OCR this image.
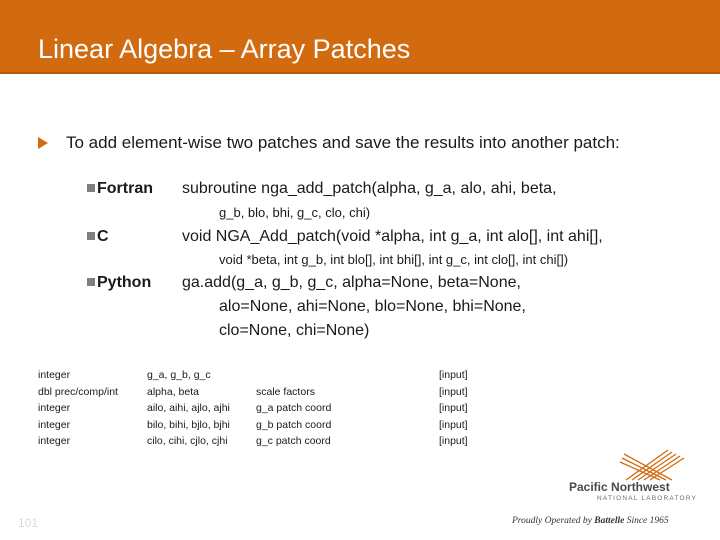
Linear Algebra – Array Patches
To add element-wise two patches and save the results into another patch:
Fortran subroutine nga_add_patch(alpha, g_a, alo, ahi, beta,
g_b, blo, bhi, g_c, clo, chi)
C	void NGA_Add_patch(void *alpha, int g_a, int alo[], int ahi[],
void *beta, int g_b, int blo[], int bhi[], int g_c, int clo[], int chi[])
Python ga.add(g_a, g_b, g_c, alpha=None, beta=None,
alo=None, ahi=None, blo=None, bhi=None,
clo=None, chi=None)
integer
dbl prec/comp/int
integer
integer
integer
g_a, g_b, g_c
alpha, beta
ailo, aihi, ajlo, ajhi
bilo, bihi, bjlo, bjhi
cilo, cihi, cjlo, cjhi

scale factors
g_a patch coord
g_b patch coord
g_c patch coord
[input]
[input]
[input]
[input]
[input]
101
Pacific Northwest
NATIONAL LABORATORY
Proudly Operated by Battelle Since 1965
